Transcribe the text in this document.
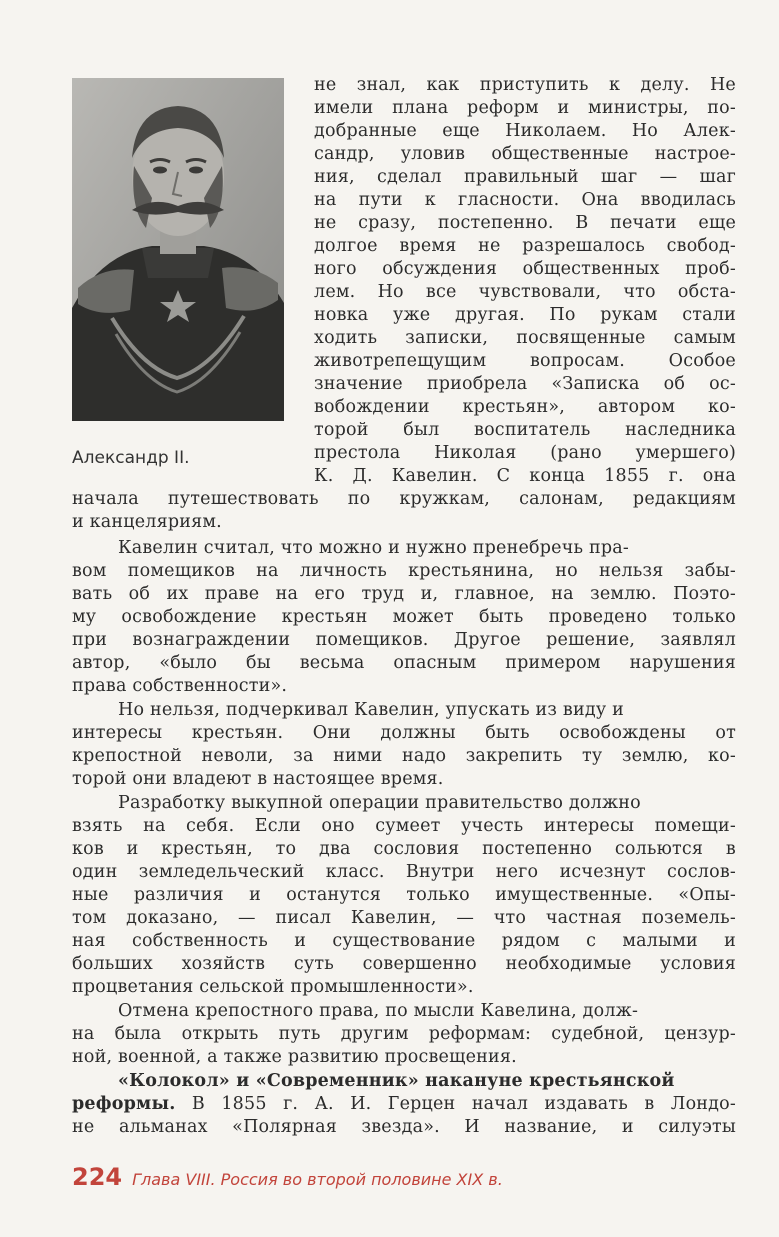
Александр II.

не знал, как приступить к делу. Не

имели плана реформ и министры, по-

добранные еще Николаем. Но Алек-

сандр, уловив общественные настрое-

ния, сделал правильный шаг — шаг

на пути к гласности. Она вводилась

не сразу, постепенно. В печати еще

долгое время не разрешалось свобод-

ного обсуждения общественных проб-

лем. Но все чувствовали, что обста-

новка уже другая. По рукам стали

ходить записки, посвященные самым

животрепещущим вопросам. Особое

значение приобрела «Записка об ос-

вобождении крестьян», автором ко-

торой был воспитатель наследника

престола Николая (рано умершего)

К. Д. Кавелин. С конца 1855 г. она

начала путешествовать по кружкам, салонам, редакциям

и канцеляриям.

Кавелин считал, что можно и нужно пренебречь пра-

вом помещиков на личность крестьянина, но нельзя забы-

вать об их праве на его труд и, главное, на землю. Поэто-

му освобождение крестьян может быть проведено только

при вознаграждении помещиков. Другое решение, заявлял

автор, «было бы весьма опасным примером нарушения

права собственности».

Но нельзя, подчеркивал Кавелин, упускать из виду и

интересы крестьян. Они должны быть освобождены от

крепостной неволи, за ними надо закрепить ту землю, ко-

торой они владеют в настоящее время.

Разработку выкупной операции правительство должно

взять на себя. Если оно сумеет учесть интересы помещи-

ков и крестьян, то два сословия постепенно сольются в

один земледельческий класс. Внутри него исчезнут сослов-

ные различия и останутся только имущественные. «Опы-

том доказано, — писал Кавелин, — что частная поземель-

ная собственность и существование рядом с малыми и

больших хозяйств суть совершенно необходимые условия

процветания сельской промышленности».

Отмена крепостного права, по мысли Кавелина, долж-

на была открыть путь другим реформам: судебной, цензур-

ной, военной, а также развитию просвещения.

«Колокол» и «Современник» накануне крестьянской

реформы. В 1855 г. А. И. Герцен начал издавать в Лондо-

не альманах «Полярная звезда». И название, и силуэты

224 Глава VIII. Россия во второй половине XIX в.
